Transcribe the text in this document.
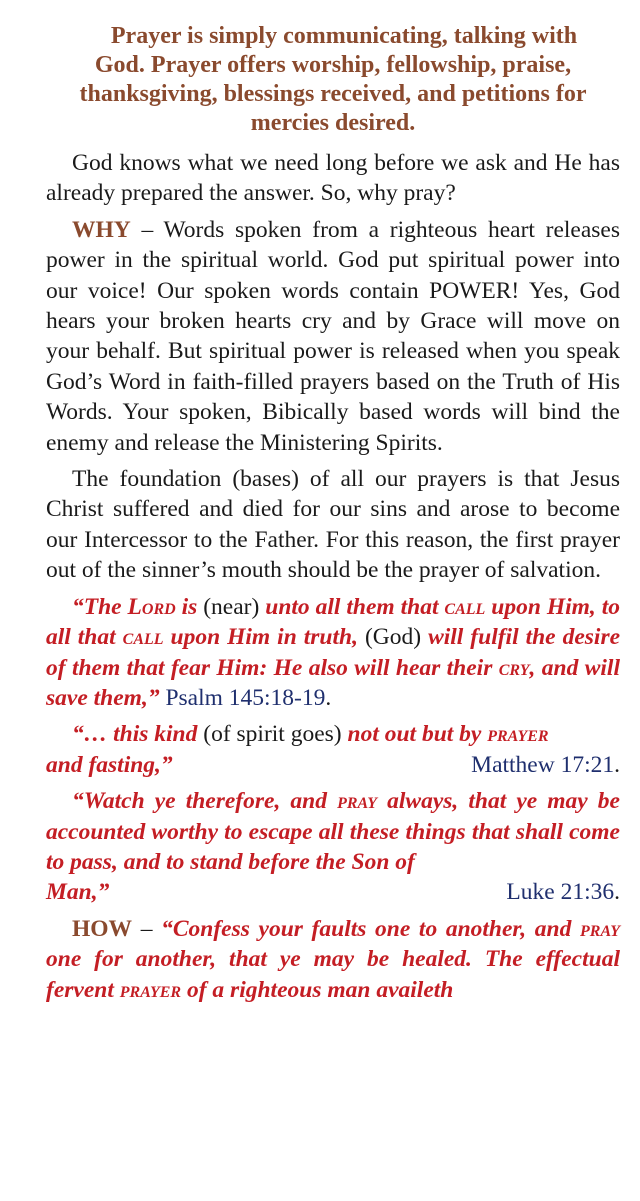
Prayer is simply communicating, talking with
God. Prayer offers worship, fellowship, praise,
thanksgiving, blessings received, and petitions for
mercies desired.

God knows what we need long before we ask and He has already prepared the answer. So, why pray?

WHY – Words spoken from a righteous heart releases power in the spiritual world. God put spiritual power into our voice! Our spoken words contain POWER! Yes, God hears your broken hearts cry and by Grace will move on your behalf. But spiritual power is released when you speak God’s Word in faith-filled prayers based on the Truth of His Words. Your spoken, Bibically based words will bind the enemy and release the Ministering Spirits.

The foundation (bases) of all our prayers is that Jesus Christ suffered and died for our sins and arose to become our Intercessor to the Father. For this reason, the first prayer out of the sinner’s mouth should be the prayer of salvation.

“The Lord is (near) unto all them that call upon Him, to all that call upon Him in truth, (God) will fulfil the desire of them that fear Him: He also will hear their cry, and will save them,” Psalm 145:18-19.

“… this kind (of spirit goes) not out but by prayer

and fasting,”	Matthew 17:21.

“Watch ye therefore, and pray always, that ye may be accounted worthy to escape all these things that shall come to pass, and to stand before the Son of

Man,”	Luke 21:36.

HOW – “Confess your faults one to another, and pray one for another, that ye may be healed. The effectual fervent prayer of a righteous man availeth
